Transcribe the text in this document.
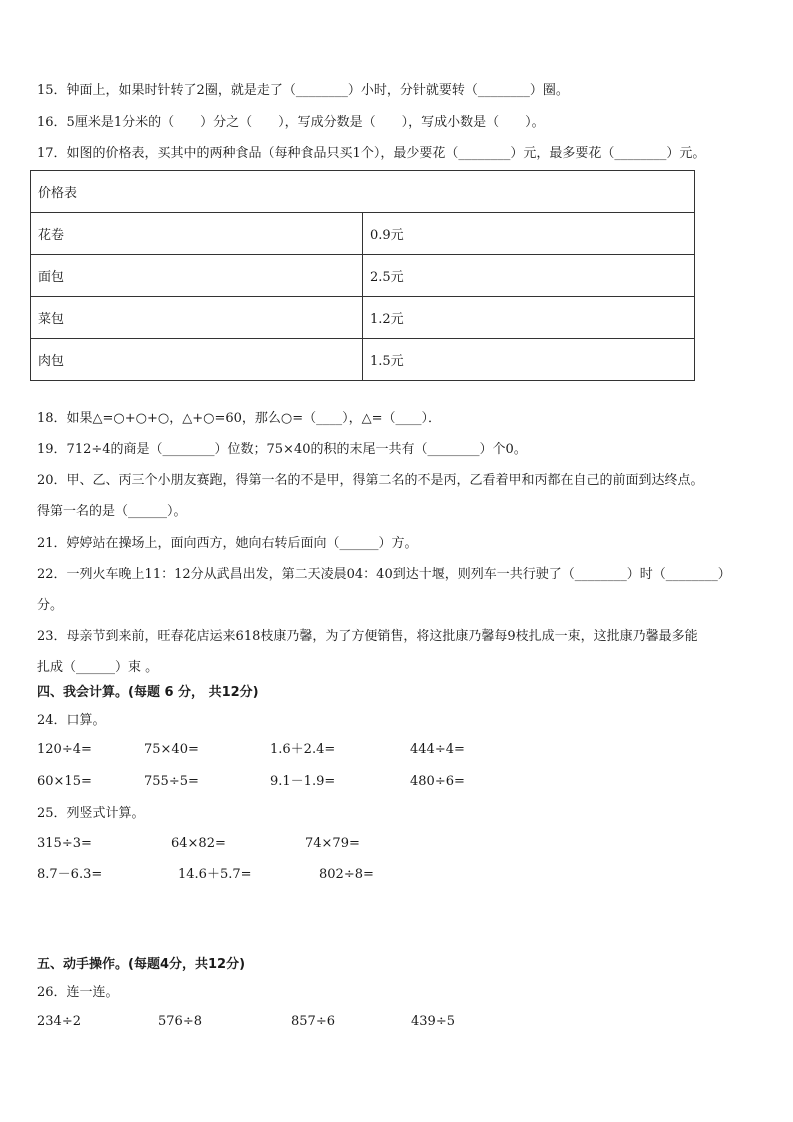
15．钟面上，如果时针转了2圈，就是走了（________）小时，分针就要转（________）圈。
16．5厘米是1分米的（　　）分之（　　），写成分数是（　　），写成小数是（　　）。
17．如图的价格表，买其中的两种食品（每种食品只买1个），最少要花（________）元，最多要花（________）元。
价格表	
花卷	0.9元
面包	2.5元
菜包	1.2元
肉包	1.5元
18．如果△=○+○+○，△+○=60，那么○=（____），△=（____）．
19．712÷4的商是（________）位数；75×40的积的末尾一共有（________）个0。
20．甲、乙、丙三个小朋友赛跑，得第一名的不是甲，得第二名的不是丙，乙看着甲和丙都在自己的前面到达终点。
得第一名的是（______）。
21．婷婷站在操场上，面向西方，她向右转后面向（______）方。
22．一列火车晚上11：12分从武昌出发，第二天凌晨04：40到达十堰，则列车一共行驶了（________）时（________）
分。
23．母亲节到来前，旺春花店运来618枝康乃馨，为了方便销售，将这批康乃馨每9枝扎成一束，这批康乃馨最多能
扎成（______）束 。
四、我会计算。(每题 6 分， 共12分)
24．口算。
120÷4=	75×40=	1.6＋2.4=	444÷4=
60×15=	755÷5=	9.1－1.9=	480÷6=
25．列竖式计算。
315÷3=	64×82=	74×79=
8.7－6.3=	14.6＋5.7=	802÷8=
五、动手操作。(每题4分，共12分)
26．连一连。
234÷2	576÷8	857÷6	439÷5
